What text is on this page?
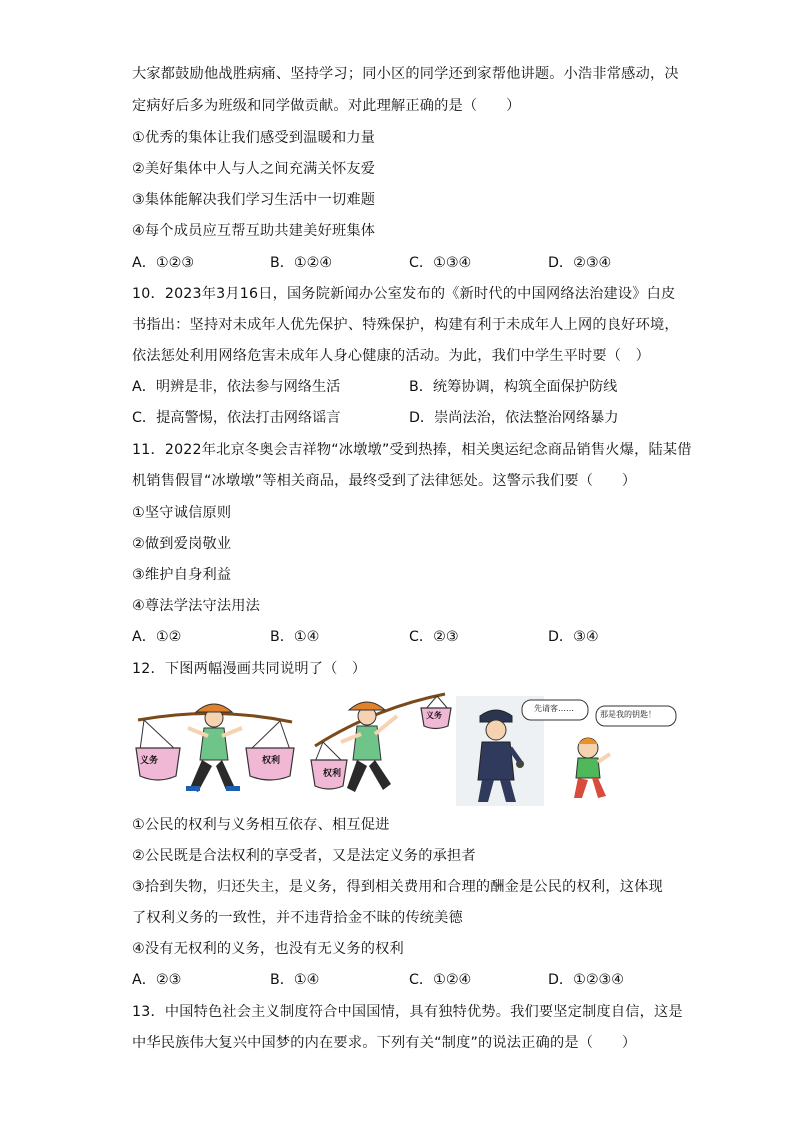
大家都鼓励他战胜病痛、坚持学习；同小区的同学还到家帮他讲题。小浩非常感动，决
定病好后多为班级和同学做贡献。对此理解正确的是（　　）
①优秀的集体让我们感受到温暖和力量
②美好集体中人与人之间充满关怀友爱
③集体能解决我们学习生活中一切难题
④每个成员应互帮互助共建美好班集体
A．①②③	B．①②④	C．①③④	D．②③④
10．2023年3月16日，国务院新闻办公室发布的《新时代的中国网络法治建设》白皮
书指出：坚持对未成年人优先保护、特殊保护，构建有利于未成年人上网的良好环境，
依法惩处利用网络危害未成年人身心健康的活动。为此，我们中学生平时要（　）
A．明辨是非，依法参与网络生活	B．统筹协调，构筑全面保护防线
C．提高警惕，依法打击网络谣言	D．崇尚法治，依法整治网络暴力
11．2022年北京冬奥会吉祥物“冰墩墩”受到热捧，相关奥运纪念商品销售火爆，陆某借
机销售假冒“冰墩墩”等相关商品，最终受到了法律惩处。这警示我们要（　　）
①坚守诚信原则
②做到爱岗敬业
③维护自身利益
④尊法学法守法用法
A．①②	B．①④	C．②③	D．③④
12．下图两幅漫画共同说明了（　）
义务	权利
权利
义务
先请客……
那是我的钥匙！
①公民的权利与义务相互依存、相互促进
②公民既是合法权利的享受者，又是法定义务的承担者
③拾到失物，归还失主，是义务，得到相关费用和合理的酬金是公民的权利，这体现
了权利义务的一致性，并不违背拾金不昧的传统美德
④没有无权利的义务，也没有无义务的权利
A．②③	B．①④	C．①②④	D．①②③④
13．中国特色社会主义制度符合中国国情，具有独特优势。我们要坚定制度自信，这是
中华民族伟大复兴中国梦的内在要求。下列有关“制度”的说法正确的是（　　）
